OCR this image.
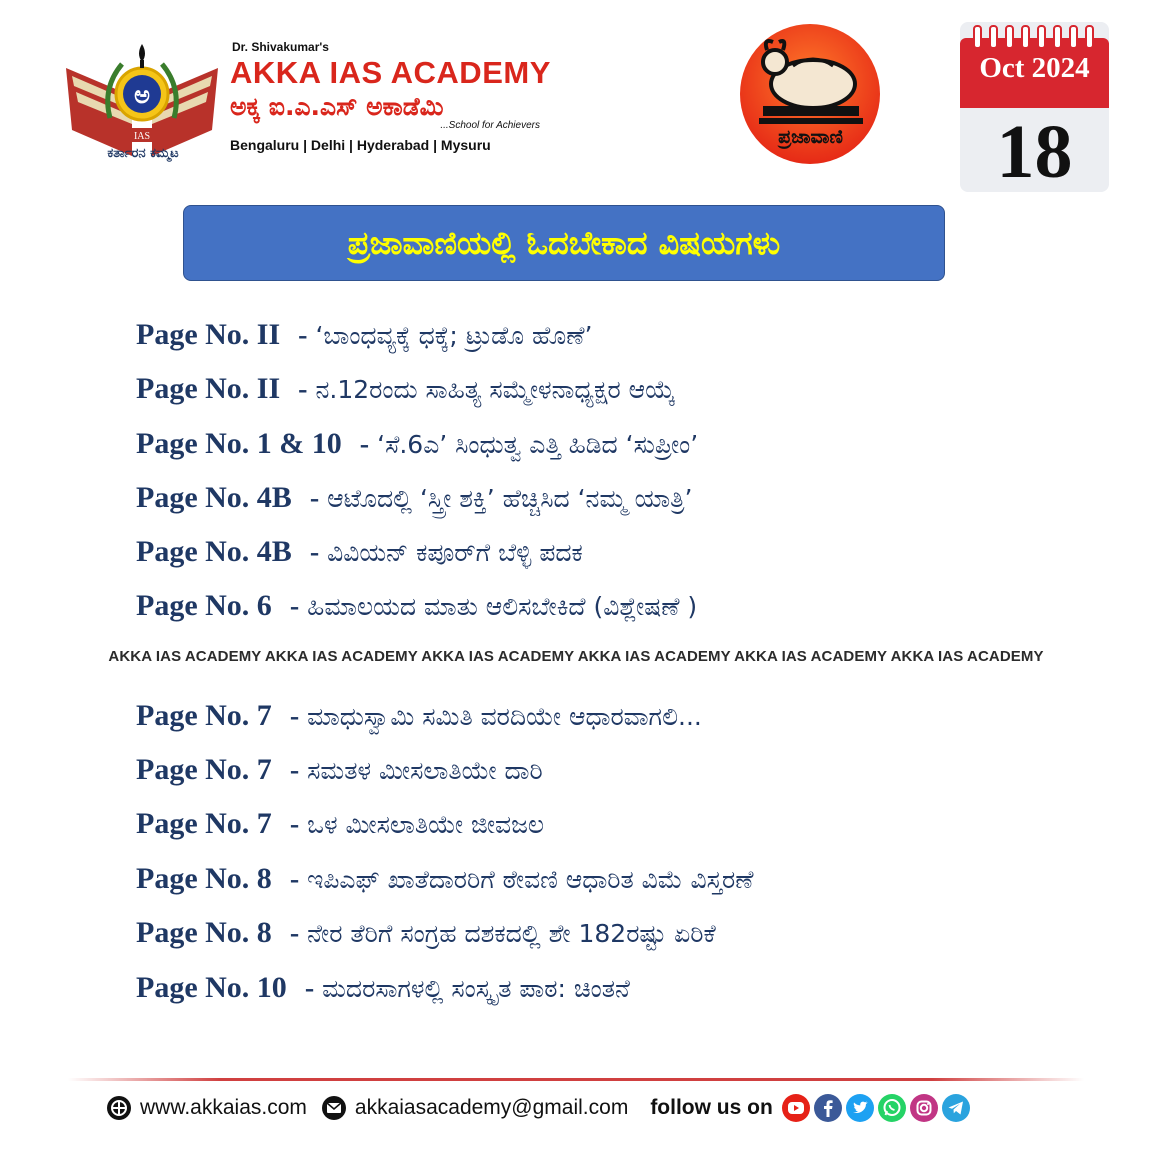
ಅ
IAS
Dr. Shivakumar's
AKKA IAS ACADEMY
ಅಕ್ಕ ಐ.ಎ.ಎಸ್ ಅಕಾಡೆಮಿ
...School for Achievers
Bengaluru | Delhi | Hyderabad | Mysuru
ಕರ್ತಾರನ ಕಮ್ಮಟ
ಪ್ರಜಾವಾಣಿ
Oct 2024
18
ಪ್ರಜಾವಾಣಿಯಲ್ಲಿ ಓದಬೇಕಾದ ವಿಷಯಗಳು
Page No. II - ‘ಬಾಂಧವ್ಯಕ್ಕೆ ಧಕ್ಕೆ; ಟ್ರುಡೊ ಹೊಣೆ’
Page No. II - ನ.12ರಂದು ಸಾಹಿತ್ಯ ಸಮ್ಮೇಳನಾಧ್ಯಕ್ಷರ ಆಯ್ಕೆ
Page No. 1 & 10 - ‘ಸೆ.6ಎ’ ಸಿಂಧುತ್ವ ಎತ್ತಿ ಹಿಡಿದ ‘ಸುಪ್ರೀಂ’
Page No. 4B - ಆಟೊದಲ್ಲಿ ‘ಸ್ತ್ರೀ ಶಕ್ತಿ’ ಹೆಚ್ಚಿಸಿದ ‘ನಮ್ಮ ಯಾತ್ರಿ’
Page No. 4B - ವಿವಿಯನ್ ಕಪೂರ್‌ಗೆ ಬೆಳ್ಳಿ ಪದಕ
Page No. 6 - ಹಿಮಾಲಯದ ಮಾತು ಆಲಿಸಬೇಕಿದೆ (ವಿಶ್ಲೇಷಣೆ )
AKKA IAS ACADEMY AKKA IAS ACADEMY AKKA IAS ACADEMY AKKA IAS ACADEMY AKKA IAS ACADEMY AKKA IAS ACADEMY
Page No. 7 - ಮಾಧುಸ್ವಾಮಿ ಸಮಿತಿ ವರದಿಯೇ ಆಧಾರವಾಗಲಿ...
Page No. 7 - ಸಮತಳ ಮೀಸಲಾತಿಯೇ ದಾರಿ
Page No. 7 - ಒಳ ಮೀಸಲಾತಿಯೇ ಜೀವಜಲ
Page No. 8 - ಇಪಿಎಫ್ ಖಾತೆದಾರರಿಗೆ ಠೇವಣಿ ಆಧಾರಿತ ವಿಮೆ ವಿಸ್ತರಣೆ
Page No. 8 - ನೇರ ತೆರಿಗೆ ಸಂಗ್ರಹ ದಶಕದಲ್ಲಿ ಶೇ 182ರಷ್ಟು ಏರಿಕೆ
Page No. 10 - ಮದರಸಾಗಳಲ್ಲಿ ಸಂಸ್ಕೃತ ಪಾಠ: ಚಿಂತನೆ
www.akkaias.com akkaiasacademy@gmail.com follow us on
